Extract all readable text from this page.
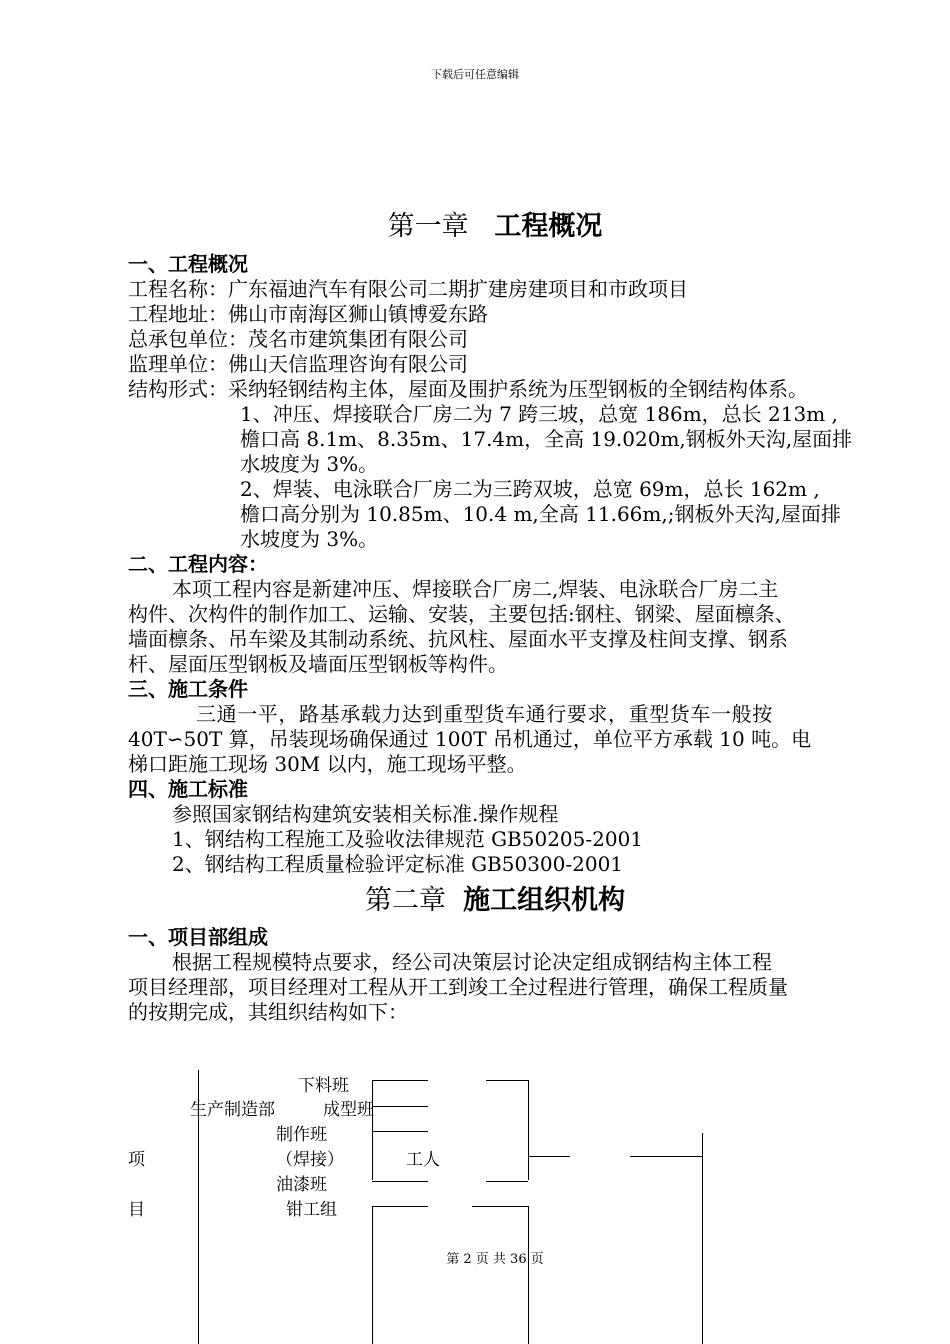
下载后可任意编辑
第一章 工程概况
一、工程概况
工程名称：广东福迪汽车有限公司二期扩建房建项目和市政项目
工程地址：佛山市南海区狮山镇博爱东路
总承包单位：茂名市建筑集团有限公司
监理单位：佛山天信监理咨询有限公司
结构形式：采纳轻钢结构主体，屋面及围护系统为压型钢板的全钢结构体系。
1、冲压、焊接联合厂房二为 7 跨三坡，总宽 186m，总长 213m ,
檐口高 8.1m、8.35m、17.4m，全高 19.020m,钢板外天沟,屋面排
水坡度为 3%。
2、焊装、电泳联合厂房二为三跨双坡，总宽 69m，总长 162m ,
檐口高分别为 10.85m、10.4 m,全高 11.66m,;钢板外天沟,屋面排
水坡度为 3%。
二、工程内容：
本项工程内容是新建冲压、焊接联合厂房二,焊装、电泳联合厂房二主
构件、次构件的制作加工、运输、安装，主要包括:钢柱、钢梁、屋面檩条、
墙面檩条、吊车梁及其制动系统、抗风柱、屋面水平支撑及柱间支撑、钢系
杆、屋面压型钢板及墙面压型钢板等构件。
三、施工条件
三通一平，路基承载力达到重型货车通行要求，重型货车一般按
40T∽50T 算，吊装现场确保通过 100T 吊机通过，单位平方承载 10 吨。电
梯口距施工现场 30M 以内，施工现场平整。
四、施工标准
参照国家钢结构建筑安装相关标准.操作规程
1、钢结构工程施工及验收法律规范 GB50205-2001
2、钢结构工程质量检验评定标准 GB50300-2001
第二章 施工组织机构
一、项目部组成
根据工程规模特点要求，经公司决策层讨论决定组成钢结构主体工程
项目经理部，项目经理对工程从开工到竣工全过程进行管理，确保工程质量
的按期完成，其组织结构如下：
项
目
下料班
生产制造部	成型班
制作班
（焊接）	工人
油漆班
钳工组
第 2 页 共 36 页
